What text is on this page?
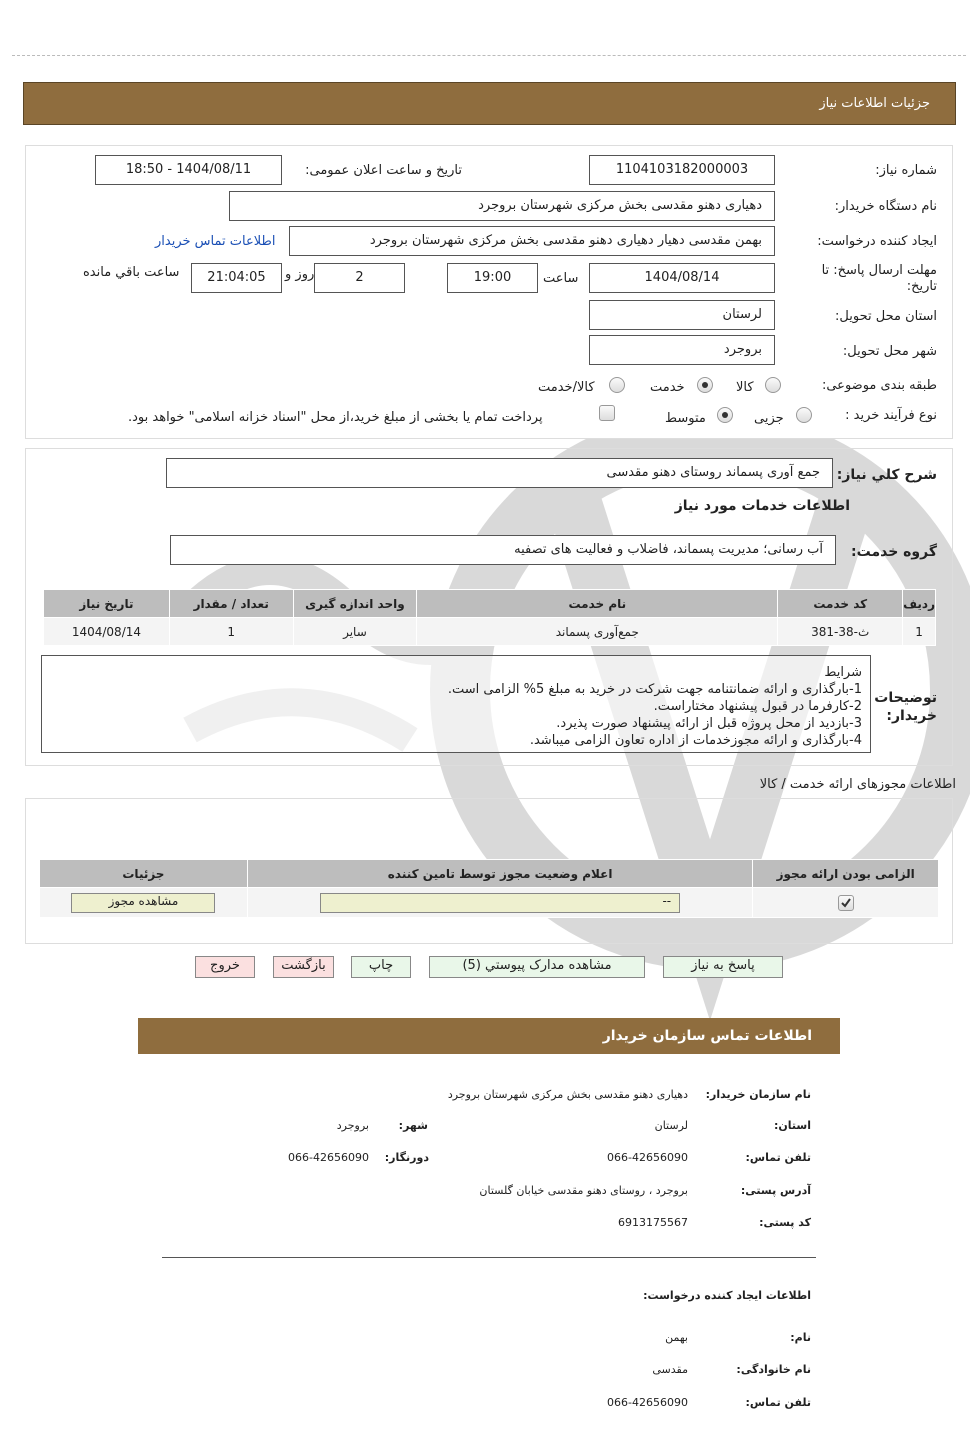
جزئیات اطلاعات نیاز
شماره نیاز:
1104103182000003
تاریخ و ساعت اعلان عمومی:
1404/08/11 - 18:50
نام دستگاه خریدار:
دهیاری دهنو مقدسی بخش مرکزی شهرستان بروجرد
ایجاد کننده درخواست:
بهمن مقدسی دهیار دهیاری دهنو مقدسی بخش مرکزی شهرستان بروجرد
اطلاعات تماس خریدار
مهلت ارسال پاسخ: تا تاریخ:
1404/08/14
ساعت
19:00
2
روز و
21:04:05
ساعت باقي مانده
استان محل تحویل:
لرستان
شهر محل تحویل:
بروجرد
طبقه بندی موضوعی:
کالا
خدمت
کالا/خدمت
نوع فرآیند خرید :
جزیی
متوسط
پرداخت تمام یا بخشی از مبلغ خرید،از محل "اسناد خزانه اسلامی" خواهد بود.
شرح کلي نياز:
جمع آوری پسماند روستای دهنو مقدسی
اطلاعات خدمات مورد نیاز
گروه خدمت:
آب رسانی؛ مدیریت پسماند، فاضلاب و فعالیت های تصفیه
ردیف	کد خدمت	نام خدمت	واحد اندازه گیری	تعداد / مقدار	تاریخ نیاز
1	ث-38-381	جمع‌آوری پسماند	سایر	1	1404/08/14
توضیحات خریدار:
شرایط
1-بارگذاری و ارائه ضمانتنامه جهت شرکت در خرید به مبلغ 5% الزامی است.
2-کارفرما در قبول پیشنهاد مختاراست.
3-بازدید از محل پروژه قبل از ارائه پیشنهاد صورت پذیرد.
4-بارگذاری و ارائه مجوزخدمات از اداره تعاون الزامی میباشد.
اطلاعات مجوزهای ارائه خدمت / کالا
الزامی بودن ارائه مجوز	اعلام وضعیت مجوز توسط تامین کننده	جزئیات

--	مشاهده مجوز
پاسخ به نیاز
مشاهده مدارک پیوستي (5)
چاپ
بازگشت
خروج
اطلاعات تماس سازمان خریدار
نام سازمان خریدار:
دهیاری دهنو مقدسی بخش مرکزی شهرستان بروجرد
استان:
لرستان
شهر:
بروجرد
تلفن تماس:
066-42656090
دورنگار:
066-42656090
آدرس پستی:
بروجرد ، روستای دهنو مقدسی خیابان گلستان
کد پستی:
6913175567
اطلاعات ایجاد کننده درخواست:
نام:
بهمن
نام خانوادگی:
مقدسی
تلفن تماس:
066-42656090
